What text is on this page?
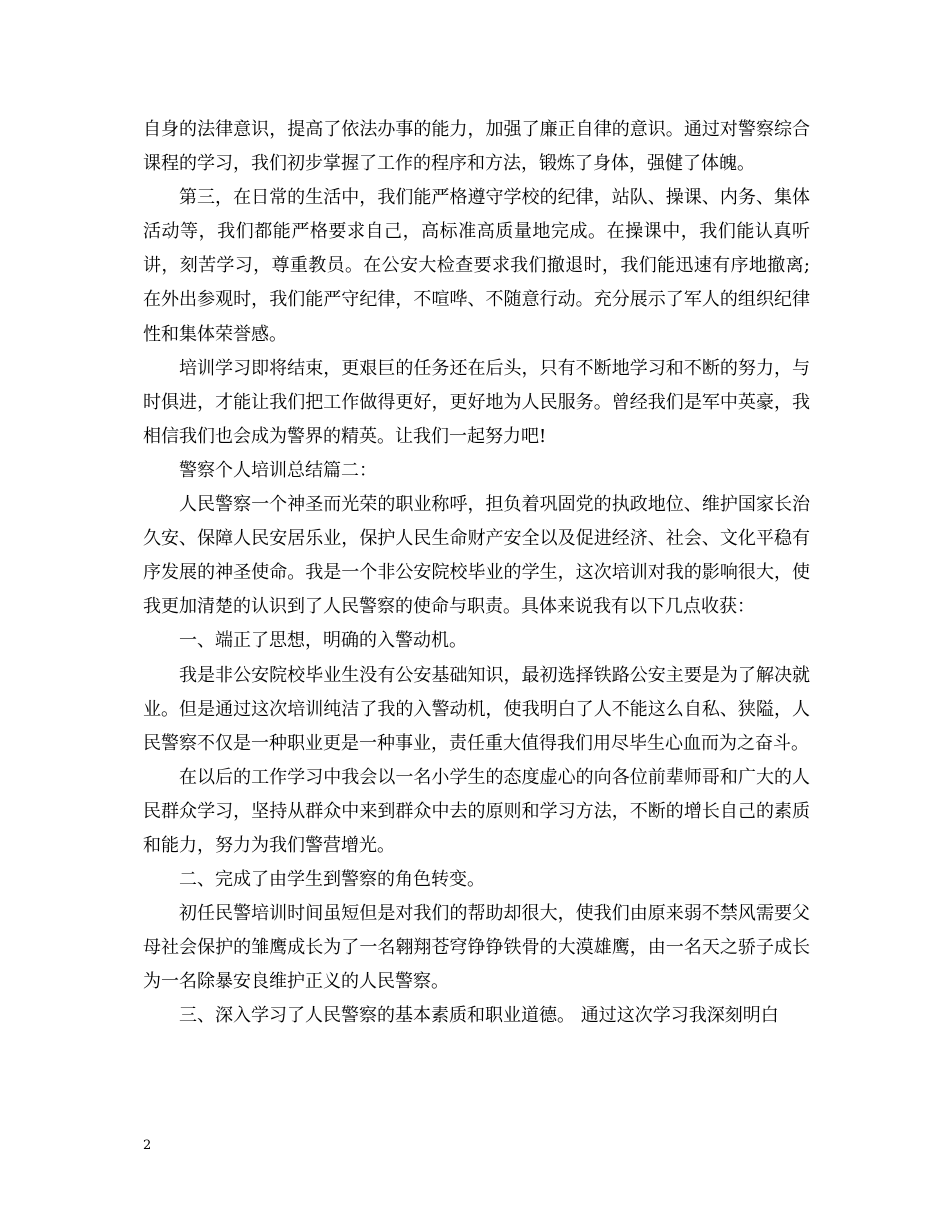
自身的法律意识，提高了依法办事的能力，加强了廉正自律的意识。通过对警察综合课程的学习，我们初步掌握了工作的程序和方法，锻炼了身体，强健了体魄。

第三，在日常的生活中，我们能严格遵守学校的纪律，站队、操课、内务、集体活动等，我们都能严格要求自己，高标准高质量地完成。在操课中，我们能认真听讲，刻苦学习，尊重教员。在公安大检查要求我们撤退时，我们能迅速有序地撤离;在外出参观时，我们能严守纪律，不喧哗、不随意行动。充分展示了军人的组织纪律性和集体荣誉感。

培训学习即将结束，更艰巨的任务还在后头，只有不断地学习和不断的努力，与时俱进，才能让我们把工作做得更好，更好地为人民服务。曾经我们是军中英豪，我相信我们也会成为警界的精英。让我们一起努力吧!

警察个人培训总结篇二：

人民警察一个神圣而光荣的职业称呼，担负着巩固党的执政地位、维护国家长治久安、保障人民安居乐业，保护人民生命财产安全以及促进经济、社会、文化平稳有序发展的神圣使命。我是一个非公安院校毕业的学生，这次培训对我的影响很大，使我更加清楚的认识到了人民警察的使命与职责。具体来说我有以下几点收获：

一、端正了思想，明确的入警动机。

我是非公安院校毕业生没有公安基础知识，最初选择铁路公安主要是为了解决就业。但是通过这次培训纯洁了我的入警动机，使我明白了人不能这么自私、狭隘，人民警察不仅是一种职业更是一种事业，责任重大值得我们用尽毕生心血而为之奋斗。

在以后的工作学习中我会以一名小学生的态度虚心的向各位前辈师哥和广大的人民群众学习，坚持从群众中来到群众中去的原则和学习方法，不断的增长自己的素质和能力，努力为我们警营增光。

二、完成了由学生到警察的角色转变。

初任民警培训时间虽短但是对我们的帮助却很大，使我们由原来弱不禁风需要父母社会保护的雏鹰成长为了一名翱翔苍穹铮铮铁骨的大漠雄鹰，由一名天之骄子成长为一名除暴安良维护正义的人民警察。

三、深入学习了人民警察的基本素质和职业道德。 通过这次学习我深刻明白

2
